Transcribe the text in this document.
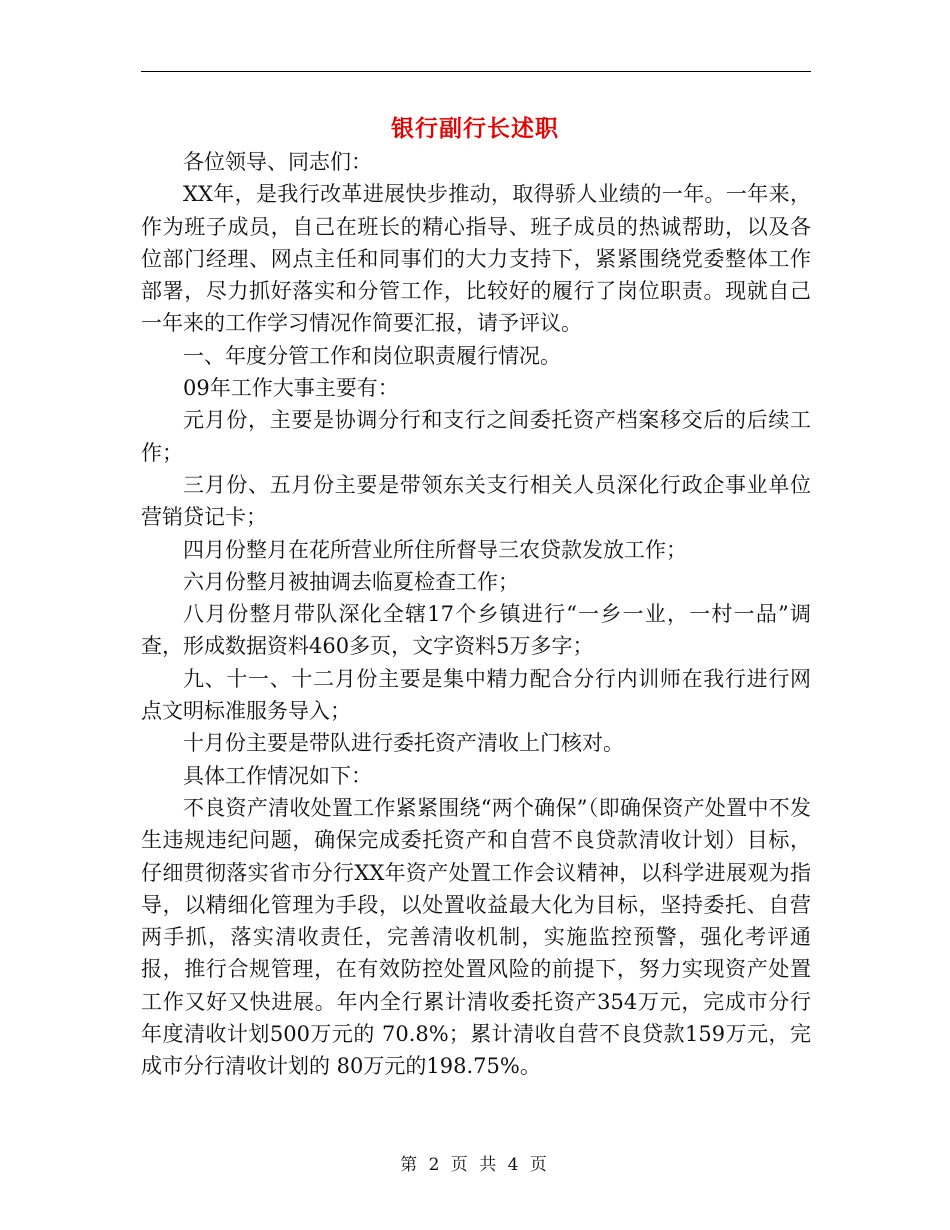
银行副行长述职

各位领导、同志们：

XX年，是我行改革进展快步推动，取得骄人业绩的一年。一年来，作为班子成员，自己在班长的精心指导、班子成员的热诚帮助，以及各位部门经理、网点主任和同事们的大力支持下，紧紧围绕党委整体工作部署，尽力抓好落实和分管工作，比较好的履行了岗位职责。现就自己一年来的工作学习情况作简要汇报，请予评议。

一、年度分管工作和岗位职责履行情况。

09年工作大事主要有：

元月份，主要是协调分行和支行之间委托资产档案移交后的后续工作；

三月份、五月份主要是带领东关支行相关人员深化行政企事业单位营销贷记卡；

四月份整月在花所营业所住所督导三农贷款发放工作；

六月份整月被抽调去临夏检查工作；

八月份整月带队深化全辖17个乡镇进行“一乡一业，一村一品”调查，形成数据资料460多页，文字资料5万多字；

九、十一、十二月份主要是集中精力配合分行内训师在我行进行网点文明标准服务导入；

十月份主要是带队进行委托资产清收上门核对。

具体工作情况如下：

不良资产清收处置工作紧紧围绕“两个确保”（即确保资产处置中不发生违规违纪问题，确保完成委托资产和自营不良贷款清收计划）目标，仔细贯彻落实省市分行XX年资产处置工作会议精神，以科学进展观为指导，以精细化管理为手段，以处置收益最大化为目标，坚持委托、自营两手抓，落实清收责任，完善清收机制，实施监控预警，强化考评通报，推行合规管理，在有效防控处置风险的前提下，努力实现资产处置工作又好又快进展。年内全行累计清收委托资产354万元，完成市分行年度清收计划500万元的 70.8%；累计清收自营不良贷款159万元，完成市分行清收计划的 80万元的198.75%。

第 2 页 共 4 页
